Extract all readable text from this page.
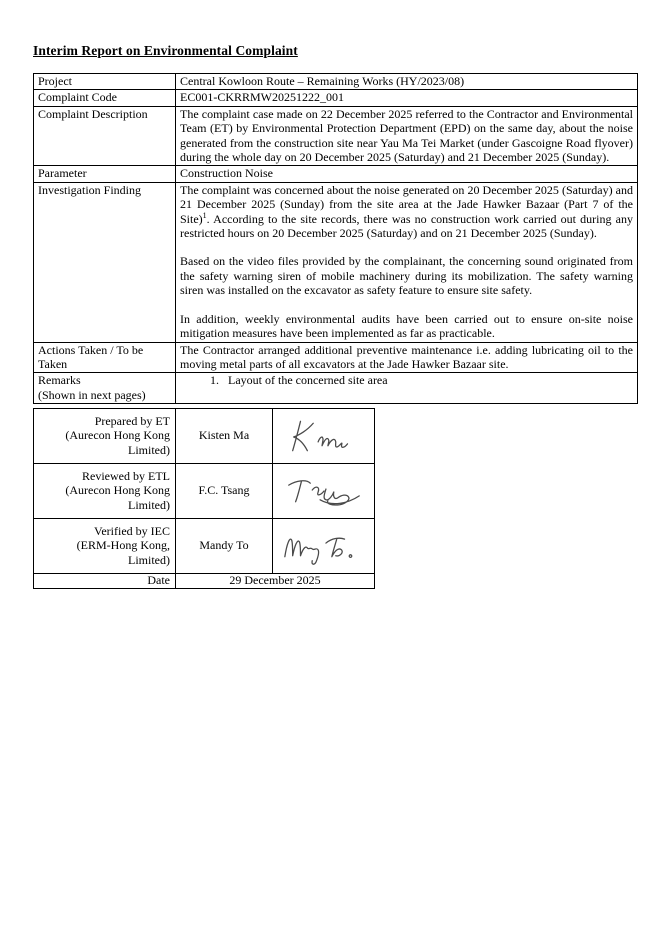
Interim Report on Environmental Complaint
Project	Central Kowloon Route – Remaining Works (HY/2023/08)
Complaint Code	EC001-CKRRMW20251222_001
Complaint Description	The complaint case made on 22 December 2025 referred to the Contractor and Environmental Team (ET) by Environmental Protection Department (EPD) on the same day, about the noise generated from the construction site near Yau Ma Tei Market (under Gascoigne Road flyover) during the whole day on 20 December 2025 (Saturday) and 21 December 2025 (Sunday).
Parameter	Construction Noise
Investigation Finding	The complaint was concerned about the noise generated on 20 December 2025 (Saturday) and 21 December 2025 (Sunday) from the site area at the Jade Hawker Bazaar (Part 7 of the Site)$^1$. According to the site records, there was no construction work carried out during any restricted hours on 20 December 2025 (Saturday) and on 21 December 2025 (Sunday).

Based on the video files provided by the complainant, the concerning sound originated from the safety warning siren of mobile machinery during its mobilization. The safety warning siren was installed on the excavator as safety feature to ensure site safety.

In addition, weekly environmental audits have been carried out to ensure on-site noise mitigation measures have been implemented as far as practicable.

Actions Taken / To be Taken	The Contractor arranged additional preventive maintenance i.e. adding lubricating oil to the moving metal parts of all excavators at the Jade Hawker Bazaar site.

Remarks
(Shown in next pages)	1. Layout of the concerned site area
Prepared by ET
(Aurecon Hong Kong
Limited)	Kisten Ma	

Reviewed by ETL
(Aurecon Hong Kong
Limited)	F.C. Tsang	

Verified by IEC
(ERM-Hong Kong,
Limited)	Mandy To	

Date	29 December 2025	
